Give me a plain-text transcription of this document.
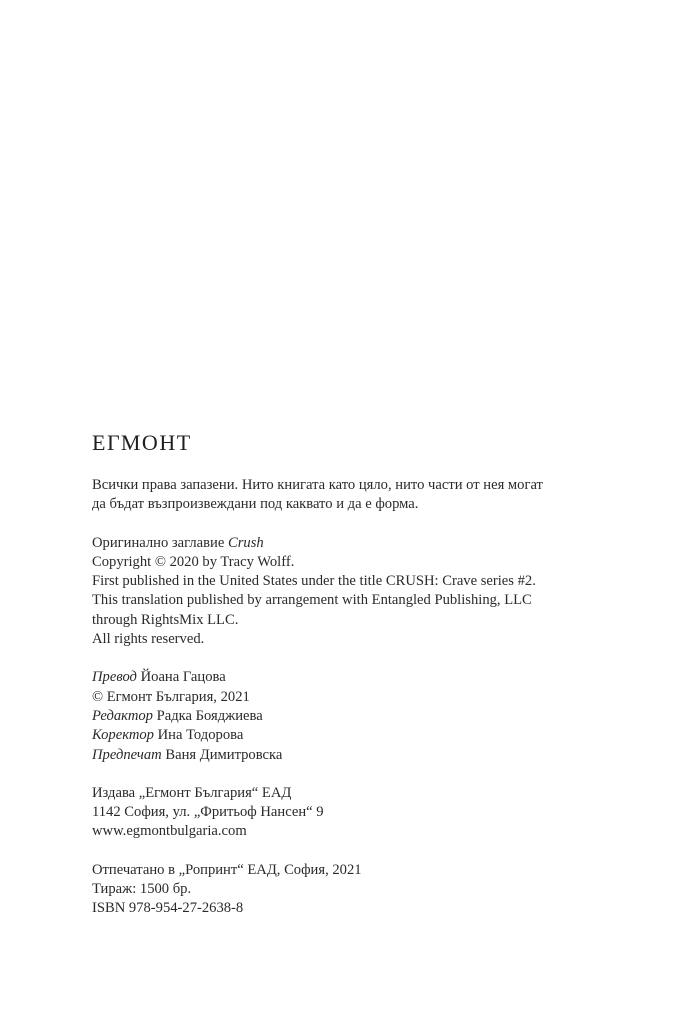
ЕГМОНТ
Всички права запазени. Нито книгата като цяло, нито части от нея могат
да бъдат възпроизвеждани под каквато и да е форма.
Оригинално заглавие Crush
Copyright © 2020 by Tracy Wolff.
First published in the United States under the title CRUSH: Crave series #2.
This translation published by arrangement with Entangled Publishing, LLC
through RightsMix LLC.
All rights reserved.
Превод Йоана Гацова
© Егмонт България, 2021
Редактор Радка Бояджиева
Коректор Ина Тодорова
Предпечат Ваня Димитровска
Издава „Егмонт България“ ЕАД
1142 София, ул. „Фритьоф Нансен“ 9
www.egmontbulgaria.com
Отпечатано в „Ропринт“ ЕАД, София, 2021
Тираж: 1500 бр.
ISBN 978-954-27-2638-8
